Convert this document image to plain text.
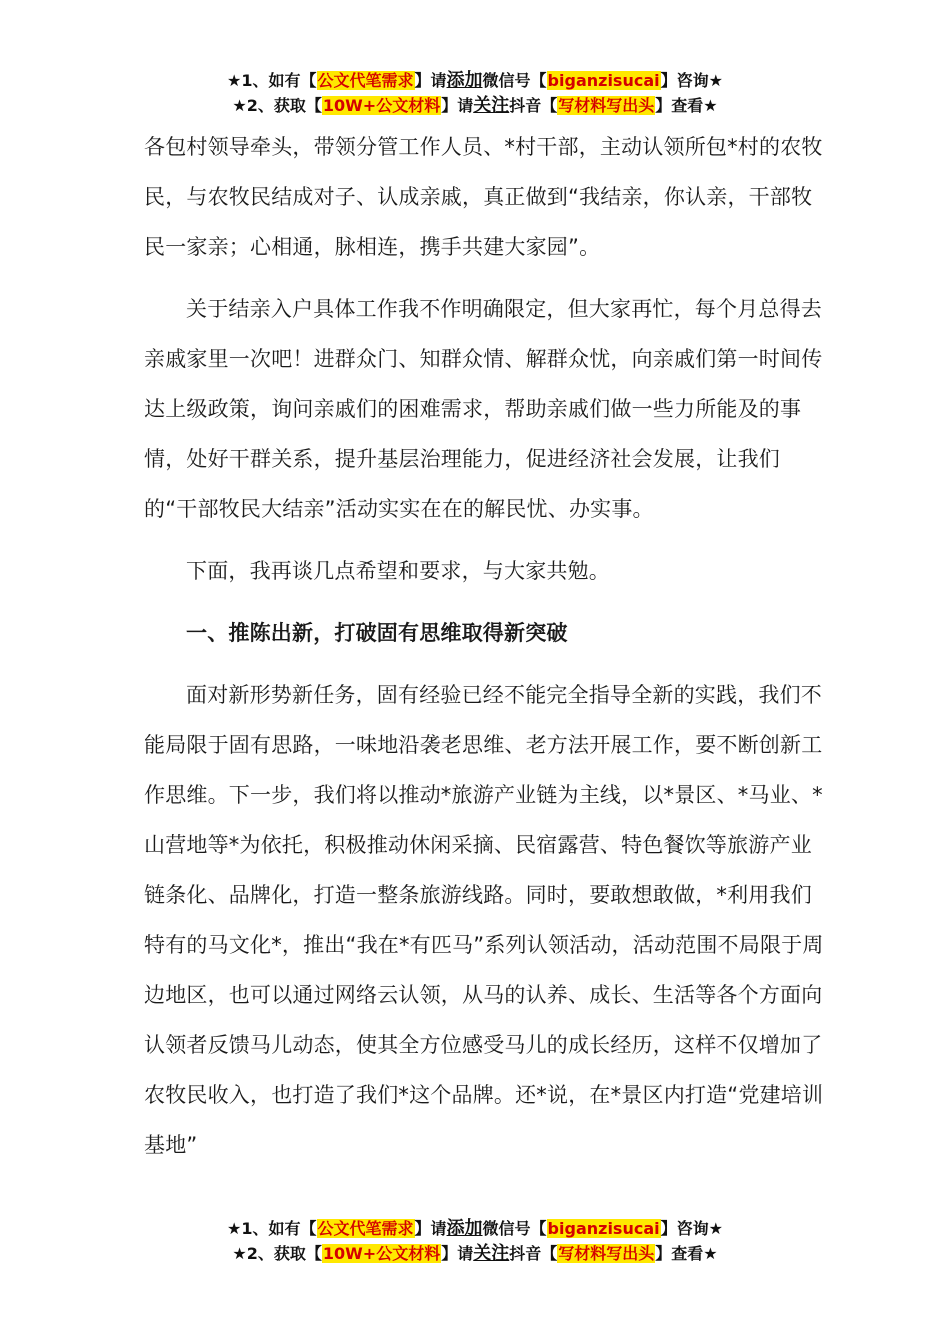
★1、如有【公文代笔需求】请添加微信号【biganzisucai】咨询★
★2、获取【10W+公文材料】请关注抖音【写材料写出头】查看★

各包村领导牵头，带领分管工作人员、*村干部，主动认领所包*村的农牧民，与农牧民结成对子、认成亲戚，真正做到“我结亲，你认亲，干部牧民一家亲；心相通，脉相连，携手共建大家园”。

关于结亲入户具体工作我不作明确限定，但大家再忙，每个月总得去亲戚家里一次吧！进群众门、知群众情、解群众忧，向亲戚们第一时间传达上级政策，询问亲戚们的困难需求，帮助亲戚们做一些力所能及的事情，处好干群关系，提升基层治理能力，促进经济社会发展，让我们的“干部牧民大结亲”活动实实在在的解民忧、办实事。

下面，我再谈几点希望和要求，与大家共勉。

一、推陈出新，打破固有思维取得新突破

面对新形势新任务，固有经验已经不能完全指导全新的实践，我们不能局限于固有思路，一味地沿袭老思维、老方法开展工作，要不断创新工作思维。下一步，我们将以推动*旅游产业链为主线，以*景区、*马业、*山营地等*为依托，积极推动休闲采摘、民宿露营、特色餐饮等旅游产业链条化、品牌化，打造一整条旅游线路。同时，要敢想敢做，*利用我们特有的马文化*，推出“我在*有匹马”系列认领活动，活动范围不局限于周边地区，也可以通过网络云认领，从马的认养、成长、生活等各个方面向认领者反馈马儿动态，使其全方位感受马儿的成长经历，这样不仅增加了农牧民收入，也打造了我们*这个品牌。还*说，在*景区内打造“党建培训基地”

★1、如有【公文代笔需求】请添加微信号【biganzisucai】咨询★
★2、获取【10W+公文材料】请关注抖音【写材料写出头】查看★
